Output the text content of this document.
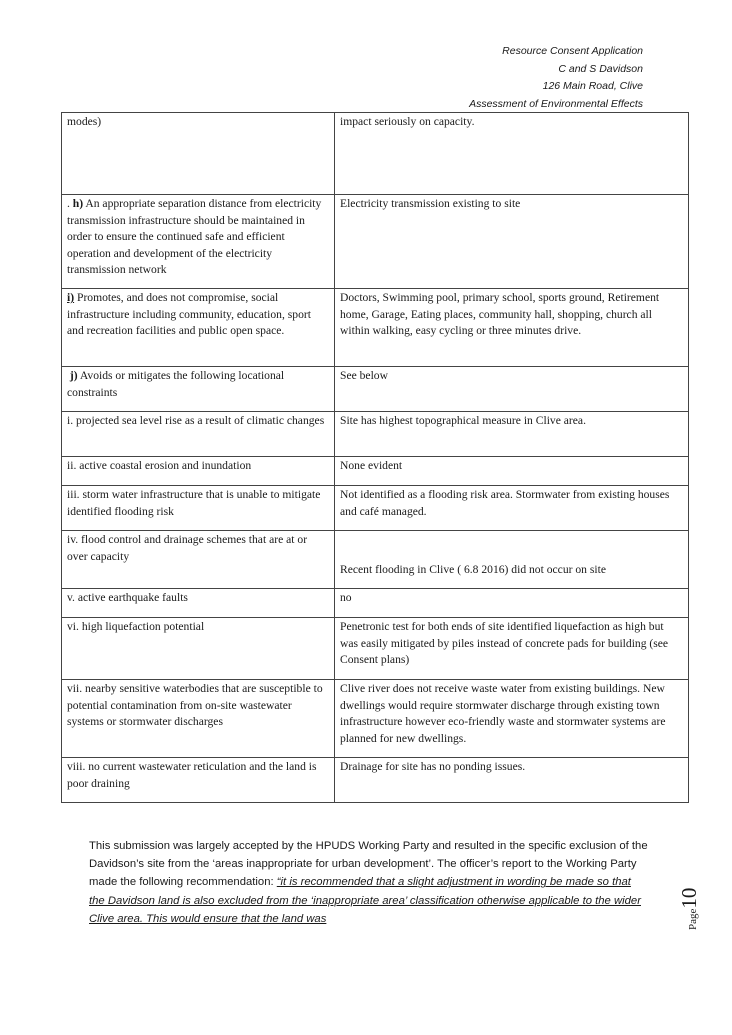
Resource Consent Application
C and S Davidson
126 Main Road, Clive
Assessment of Environmental Effects
modes)	impact seriously on capacity.
. h) An appropriate separation distance from electricity transmission infrastructure should be maintained in order to ensure the continued safe and efficient operation and development of the electricity transmission network	Electricity transmission existing to site
i) Promotes, and does not compromise, social infrastructure including community, education, sport and recreation facilities and public open space.	Doctors, Swimming pool, primary school, sports ground, Retirement home, Garage, Eating places, community hall, shopping, church all within walking, easy cycling or three minutes drive.
j) Avoids or mitigates the following locational constraints	See below
i. projected sea level rise as a result of climatic changes	Site has highest topographical measure in Clive area.
ii. active coastal erosion and inundation	None evident
iii. storm water infrastructure that is unable to mitigate identified flooding risk	Not identified as a flooding risk area. Stormwater from existing houses and café managed.
iv. flood control and drainage schemes that are at or over capacity	Recent flooding in Clive ( 6.8 2016) did not occur on site
v. active earthquake faults	no
vi. high liquefaction potential	Penetronic test for both ends of site identified liquefaction as high but was easily mitigated by piles instead of concrete pads for building (see Consent plans)
vii. nearby sensitive waterbodies that are susceptible to potential contamination from on-site wastewater systems or stormwater discharges	Clive river does not receive waste water from existing buildings. New dwellings would require stormwater discharge through existing town infrastructure however eco-friendly waste and stormwater systems are planned for new dwellings.
viii. no current wastewater reticulation and the land is poor draining	Drainage for site has no ponding issues.
This submission was largely accepted by the HPUDS Working Party and resulted in the specific exclusion of the Davidson’s site from the ‘areas inappropriate for urban development’. The officer’s report to the Working Party made the following recommendation: “it is recommended that a slight adjustment in wording be made so that the Davidson land is also excluded from the ‘inappropriate area’ classification otherwise applicable to the wider Clive area. This would ensure that the land was	Page10
